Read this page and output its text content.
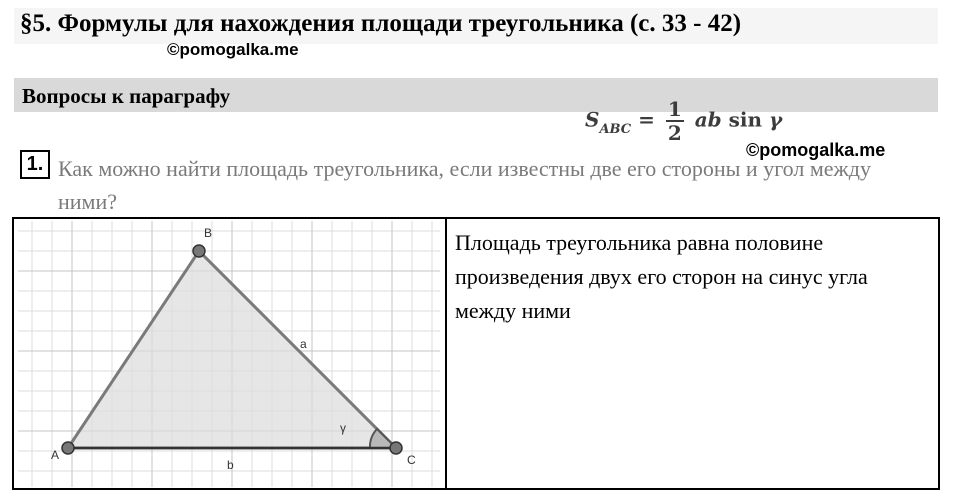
§5. Формулы для нахождения площади треугольника (с. 33 - 42)
©pomogalka.me
Вопросы к параграфу
1. Как можно найти площадь треугольника, если известны две его стороны и угол между ними?
©pomogalka.me
A
B
C
a
b
γ
Площадь треугольника равна половине произведения двух его сторон на синус угла между ними
$S_{ABC} = \frac{1}{2}$ ab sin γ
